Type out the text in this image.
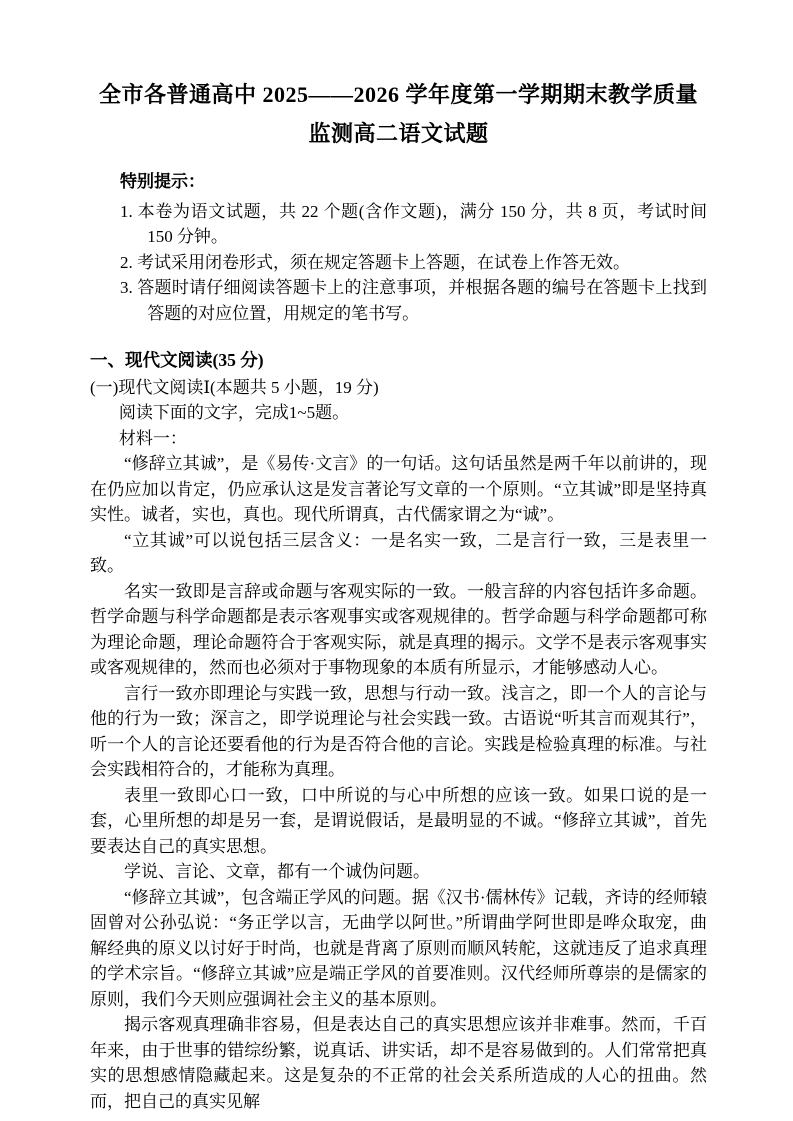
全市各普通高中 2025——2026 学年度第一学期期末教学质量监测高二语文试题

特别提示：

1. 本卷为语文试题，共 22 个题(含作文题)，满分 150 分，共 8 页，考试时间 150 分钟。

2. 考试采用闭卷形式，须在规定答题卡上答题，在试卷上作答无效。

3. 答题时请仔细阅读答题卡上的注意事项，并根据各题的编号在答题卡上找到答题的对应位置，用规定的笔书写。

一、现代文阅读(35 分)

(一)现代文阅读Ⅰ(本题共 5 小题，19 分)

阅读下面的文字，完成1~5题。

材料一：

“修辞立其诚”，是《易传·文言》的一句话。这句话虽然是两千年以前讲的，现在仍应加以肯定，仍应承认这是发言著论写文章的一个原则。“立其诚”即是坚持真实性。诚者，实也，真也。现代所谓真，古代儒家谓之为“诚”。

“立其诚”可以说包括三层含义：一是名实一致，二是言行一致，三是表里一致。

名实一致即是言辞或命题与客观实际的一致。一般言辞的内容包括许多命题。哲学命题与科学命题都是表示客观事实或客观规律的。哲学命题与科学命题都可称为理论命题，理论命题符合于客观实际，就是真理的揭示。文学不是表示客观事实或客观规律的，然而也必须对于事物现象的本质有所显示，才能够感动人心。

言行一致亦即理论与实践一致，思想与行动一致。浅言之，即一个人的言论与他的行为一致；深言之，即学说理论与社会实践一致。古语说“听其言而观其行”，听一个人的言论还要看他的行为是否符合他的言论。实践是检验真理的标准。与社会实践相符合的，才能称为真理。

表里一致即心口一致，口中所说的与心中所想的应该一致。如果口说的是一套，心里所想的却是另一套，是谓说假话，是最明显的不诚。“修辞立其诚”，首先要表达自己的真实思想。

学说、言论、文章，都有一个诚伪问题。

“修辞立其诚”，包含端正学风的问题。据《汉书·儒林传》记载，齐诗的经师辕固曾对公孙弘说：“务正学以言，无曲学以阿世。”所谓曲学阿世即是哗众取宠，曲解经典的原义以讨好于时尚，也就是背离了原则而顺风转舵，这就违反了追求真理的学术宗旨。“修辞立其诚”应是端正学风的首要准则。汉代经师所尊崇的是儒家的原则，我们今天则应强调社会主义的基本原则。

揭示客观真理确非容易，但是表达自己的真实思想应该并非难事。然而，千百年来，由于世事的错综纷繁，说真话、讲实话，却不是容易做到的。人们常常把真实的思想感情隐藏起来。这是复杂的不正常的社会关系所造成的人心的扭曲。然而，把自己的真实见解
